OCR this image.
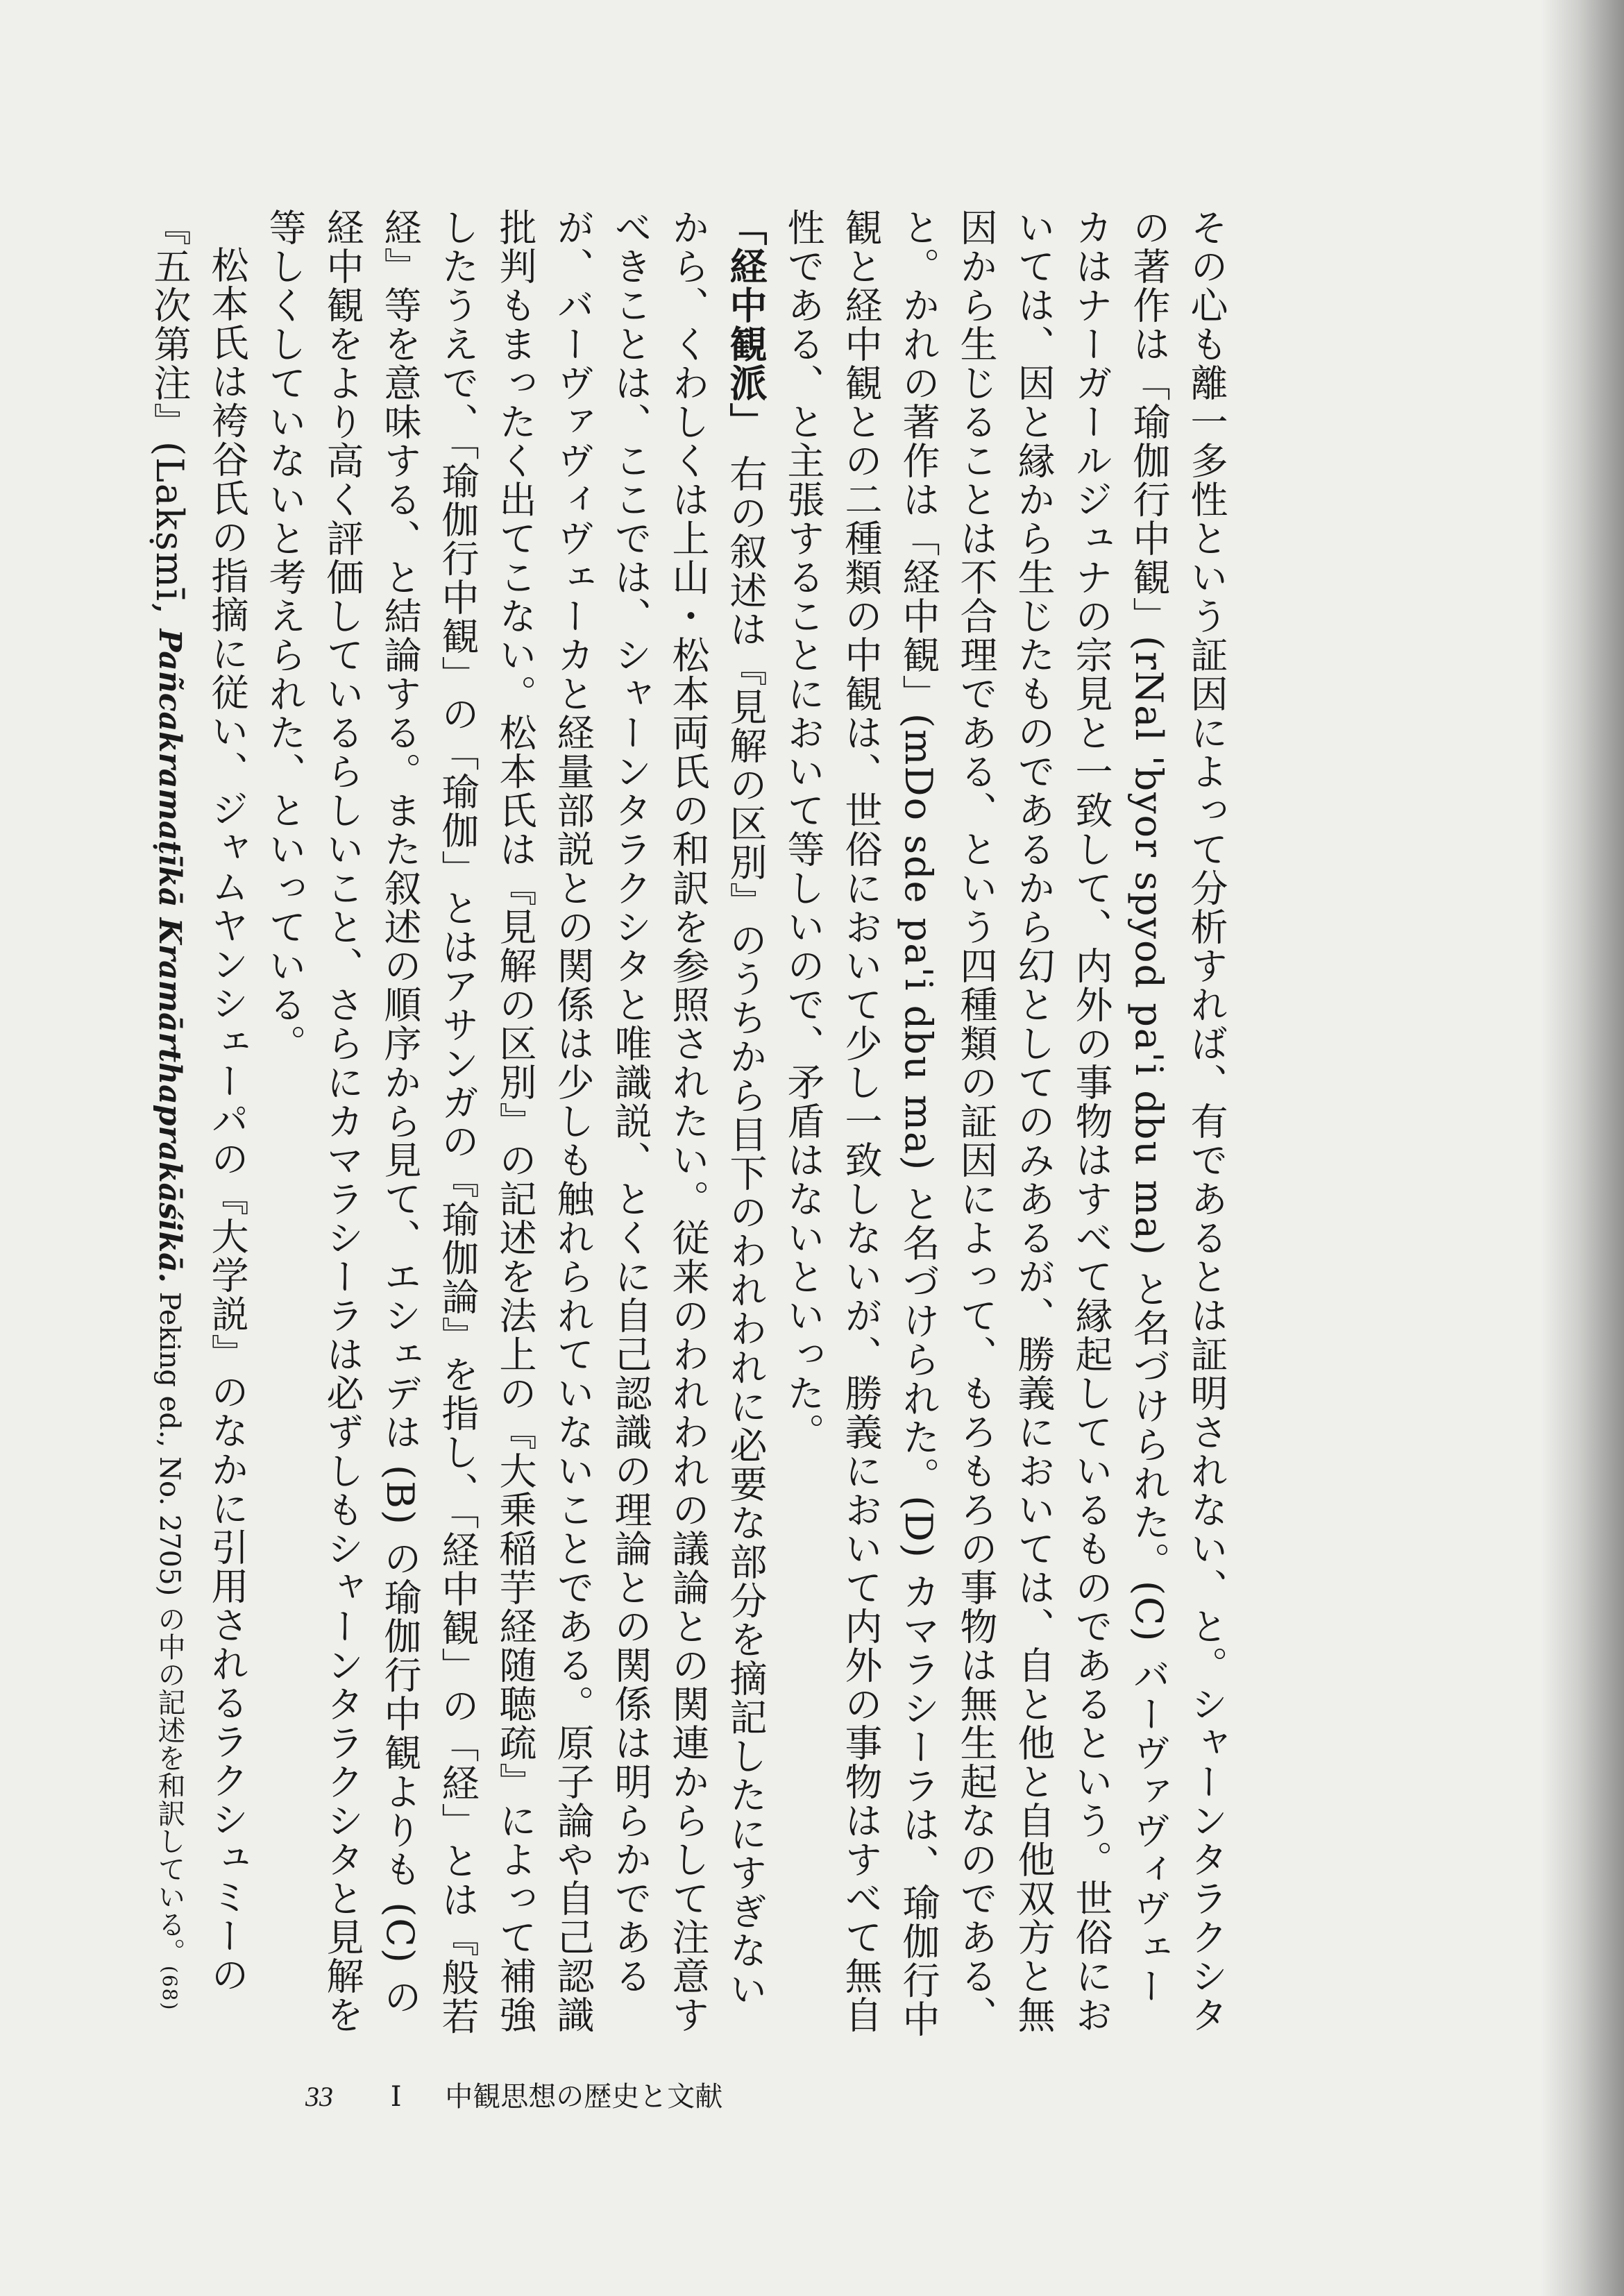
その心も離一多性という証因によって分析すれば、有であるとは証明されない、と。シャーンタラクシタの著作は「瑜伽行中観」(rNal 'byor spyod pa'i dbu ma) と名づけられた。(C) バーヴァヴィヴェーカはナーガールジュナの宗見と一致して、内外の事物はすべて縁起しているものであるという。世俗においては、因と縁から生じたものであるから幻としてのみあるが、勝義においては、自と他と自他双方と無因から生じることは不合理である、という四種類の証因によって、もろもろの事物は無生起なのである、と。かれの著作は「経中観」(mDo sde pa'i dbu ma) と名づけられた。(D) カマラシーラは、瑜伽行中観と経中観との二種類の中観は、世俗において少し一致しないが、勝義において内外の事物はすべて無自性である、と主張することにおいて等しいので、矛盾はないといった。

「経中観派」 右の叙述は『見解の区別』のうちから目下のわれわれに必要な部分を摘記したにすぎないから、くわしくは上山・松本両氏の和訳を参照されたい。従来のわれわれの議論との関連からして注意すべきことは、ここでは、シャーンタラクシタと唯識説、とくに自己認識の理論との関係は明らかであるが、バーヴァヴィヴェーカと経量部説との関係は少しも触れられていないことである。原子論や自己認識批判もまったく出てこない。松本氏は『見解の区別』の記述を法上の『大乗稲芋経随聴疏』によって補強したうえで、「瑜伽行中観」の「瑜伽」とはアサンガの『瑜伽論』を指し、「経中観」の「経」とは『般若経』等を意味する、と結論する。また叙述の順序から見て、エシェデは (B) の瑜伽行中観よりも (C) の経中観をより高く評価しているらしいこと、さらにカマラシーラは必ずしもシャーンタラクシタと見解を等しくしていないと考えられた、といっている。

松本氏は袴谷氏の指摘に従い、ジャムヤンシェーパの『大学説』のなかに引用されるラクシュミーの『五次第注』(Lakṣmī, Pañcakramaṭīkā Kramārthaprakāśikā. Peking ed., No. 2705) の中の記述を和訳している。(68)

33 I 中観思想の歴史と文献
